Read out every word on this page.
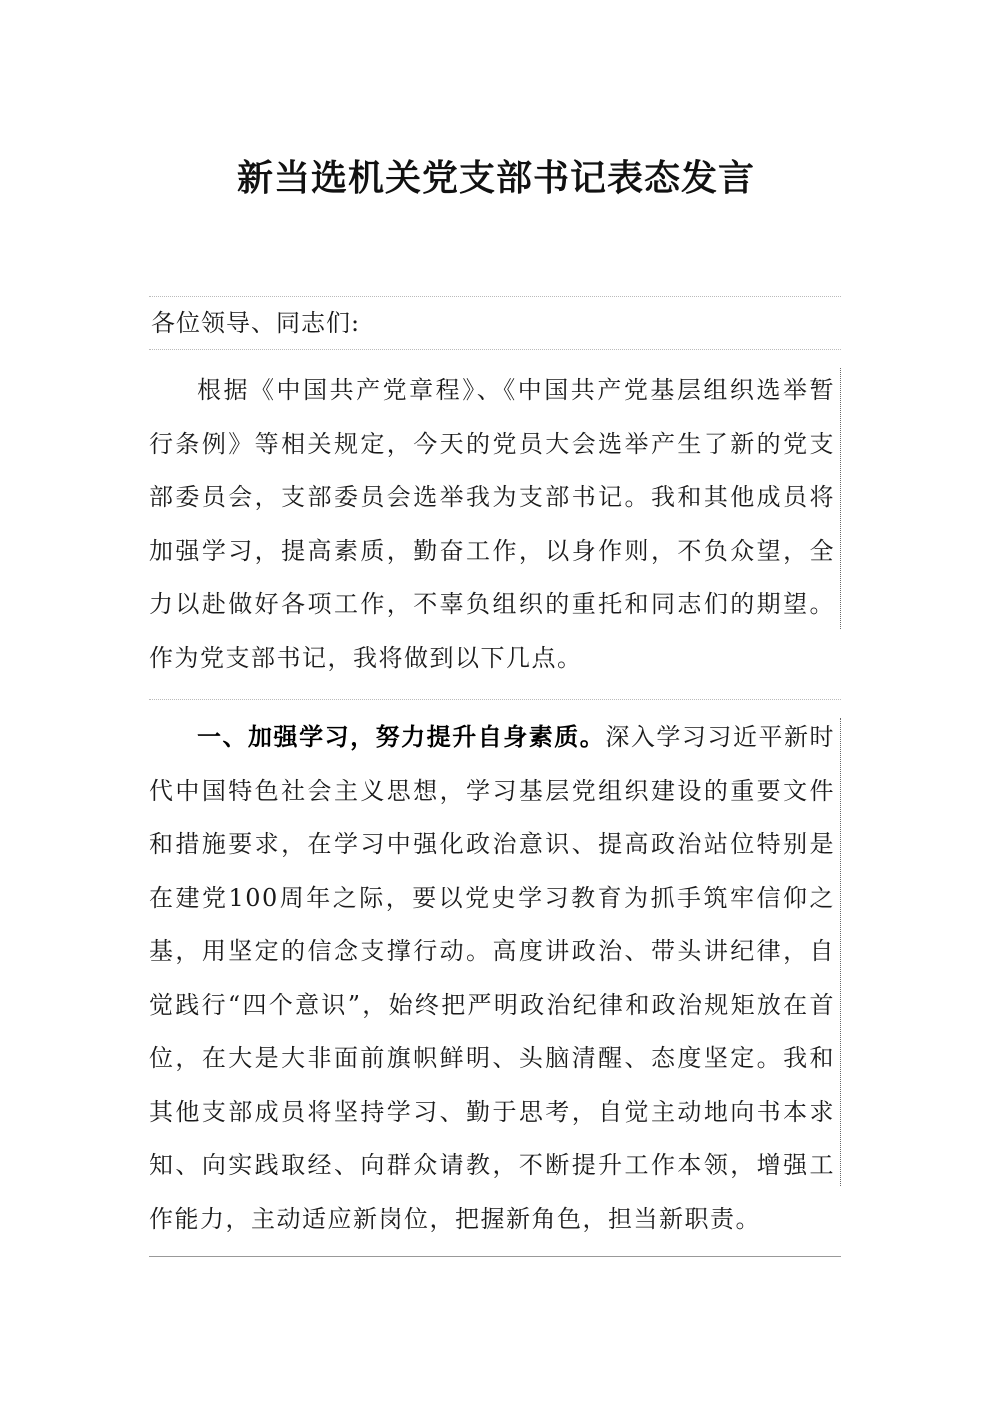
新当选机关党支部书记表态发言
各位领导、同志们:

根据《中国共产党章程》、《中国共产党基层组织选举暂行条例》等相关规定，今天的党员大会选举产生了新的党支部委员会，支部委员会选举我为支部书记。我和其他成员将加强学习，提高素质，勤奋工作，以身作则，不负众望，全力以赴做好各项工作，不辜负组织的重托和同志们的期望。作为党支部书记，我将做到以下几点。

一、加强学习，努力提升自身素质。深入学习习近平新时代中国特色社会主义思想，学习基层党组织建设的重要文件和措施要求，在学习中强化政治意识、提高政治站位特别是在建党100周年之际，要以党史学习教育为抓手筑牢信仰之基，用坚定的信念支撑行动。高度讲政治、带头讲纪律，自觉践行“四个意识”，始终把严明政治纪律和政治规矩放在首位，在大是大非面前旗帜鲜明、头脑清醒、态度坚定。我和其他支部成员将坚持学习、勤于思考，自觉主动地向书本求知、向实践取经、向群众请教，不断提升工作本领，增强工作能力，主动适应新岗位，把握新角色，担当新职责。
